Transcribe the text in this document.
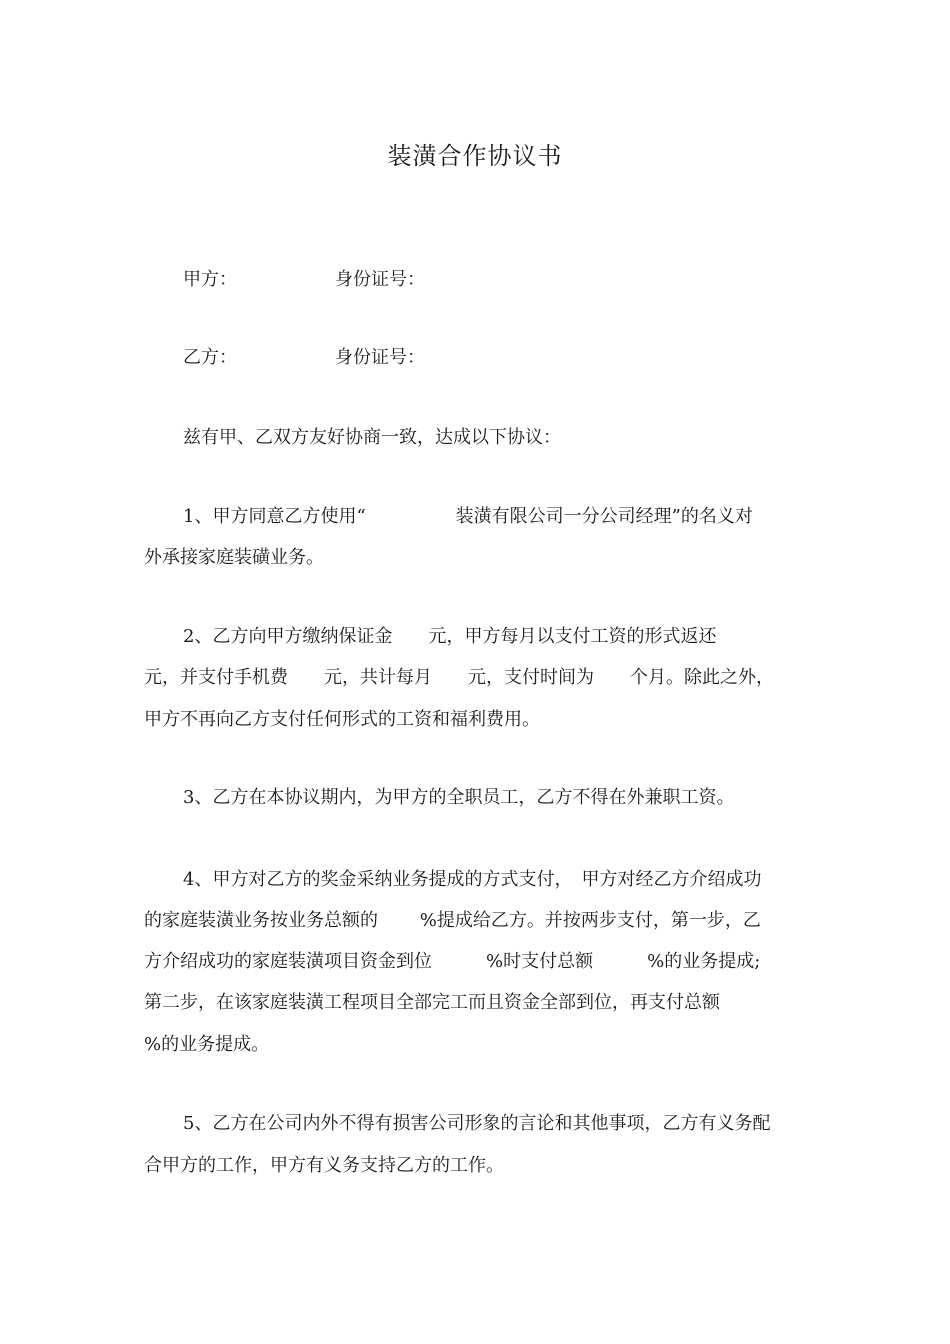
装潢合作协议书
甲方：	身份证号：
乙方：	身份证号：
兹有甲、乙双方友好协商一致，达成以下协议：
1、甲方同意乙方使用“　　　　　装潢有限公司一分公司经理”的名义对
外承接家庭装磺业务。
2、乙方向甲方缴纳保证金　　元，甲方每月以支付工资的形式返还
元，并支付手机费　　元，共计每月　　元，支付时间为　　个月。除此之外，
甲方不再向乙方支付任何形式的工资和福利费用。
3、乙方在本协议期内，为甲方的全职员工，乙方不得在外兼职工资。
4、甲方对乙方的奖金采纳业务提成的方式支付，　甲方对经乙方介绍成功
的家庭装潢业务按业务总额的　　 %提成给乙方。并按两步支付，第一步，乙
方介绍成功的家庭装潢项目资金到位　　　%时支付总额　　　%的业务提成;
第二步，在该家庭装潢工程项目全部完工而且资金全部到位，再支付总额
%的业务提成。
5、乙方在公司内外不得有损害公司形象的言论和其他事项，乙方有义务配
合甲方的工作，甲方有义务支持乙方的工作。
